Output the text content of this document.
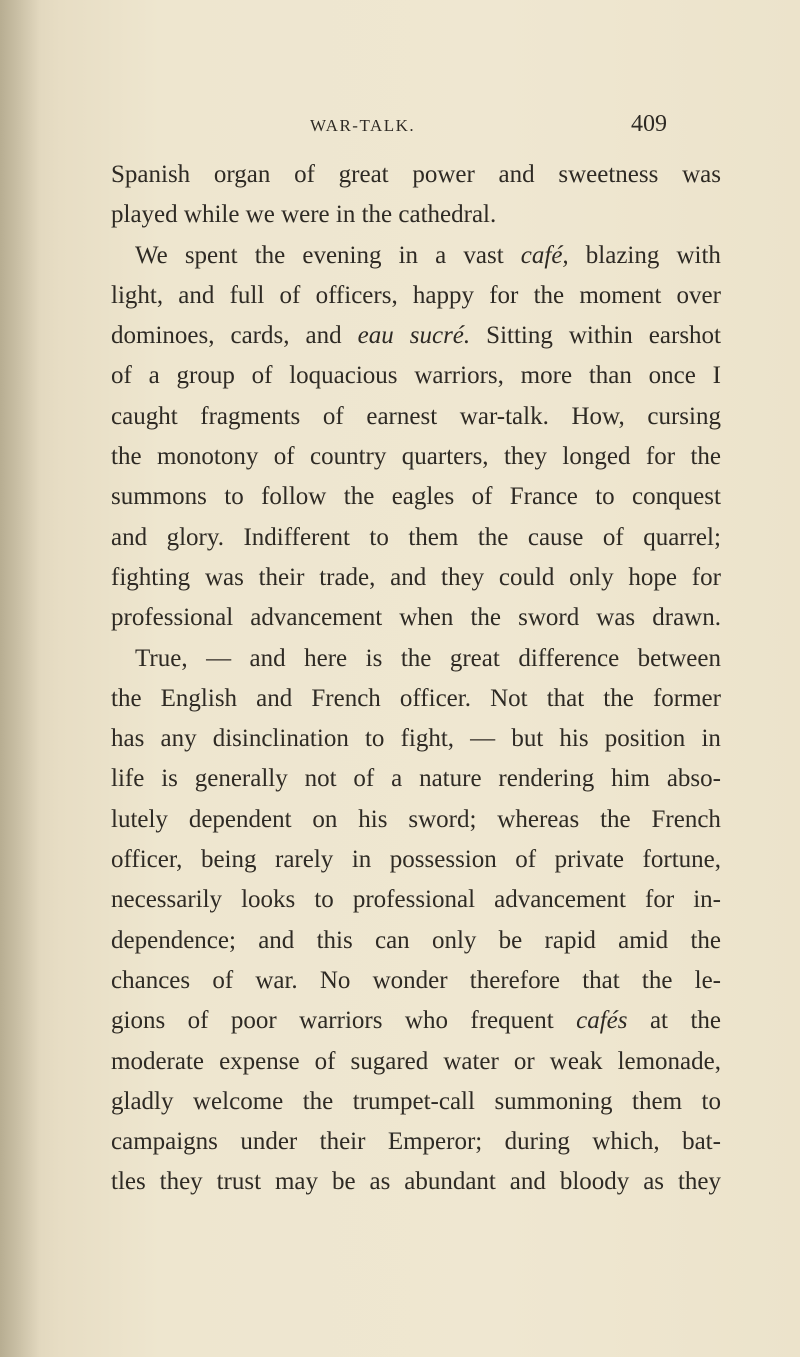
WAR-TALK.	409
Spanish organ of great power and sweetness was
played while we were in the cathedral.
We spent the evening in a vast café, blazing with
light, and full of officers, happy for the moment over
dominoes, cards, and eau sucré. Sitting within earshot
of a group of loquacious warriors, more than once I
caught fragments of earnest war-talk. How, cursing
the monotony of country quarters, they longed for the
summons to follow the eagles of France to conquest
and glory. Indifferent to them the cause of quarrel;
fighting was their trade, and they could only hope for
professional advancement when the sword was drawn.
True, — and here is the great difference between
the English and French officer. Not that the former
has any disinclination to fight, — but his position in
life is generally not of a nature rendering him abso-
lutely dependent on his sword; whereas the French
officer, being rarely in possession of private fortune,
necessarily looks to professional advancement for in-
dependence; and this can only be rapid amid the
chances of war. No wonder therefore that the le-
gions of poor warriors who frequent cafés at the
moderate expense of sugared water or weak lemonade,
gladly welcome the trumpet-call summoning them to
campaigns under their Emperor; during which, bat-
tles they trust may be as abundant and bloody as they
